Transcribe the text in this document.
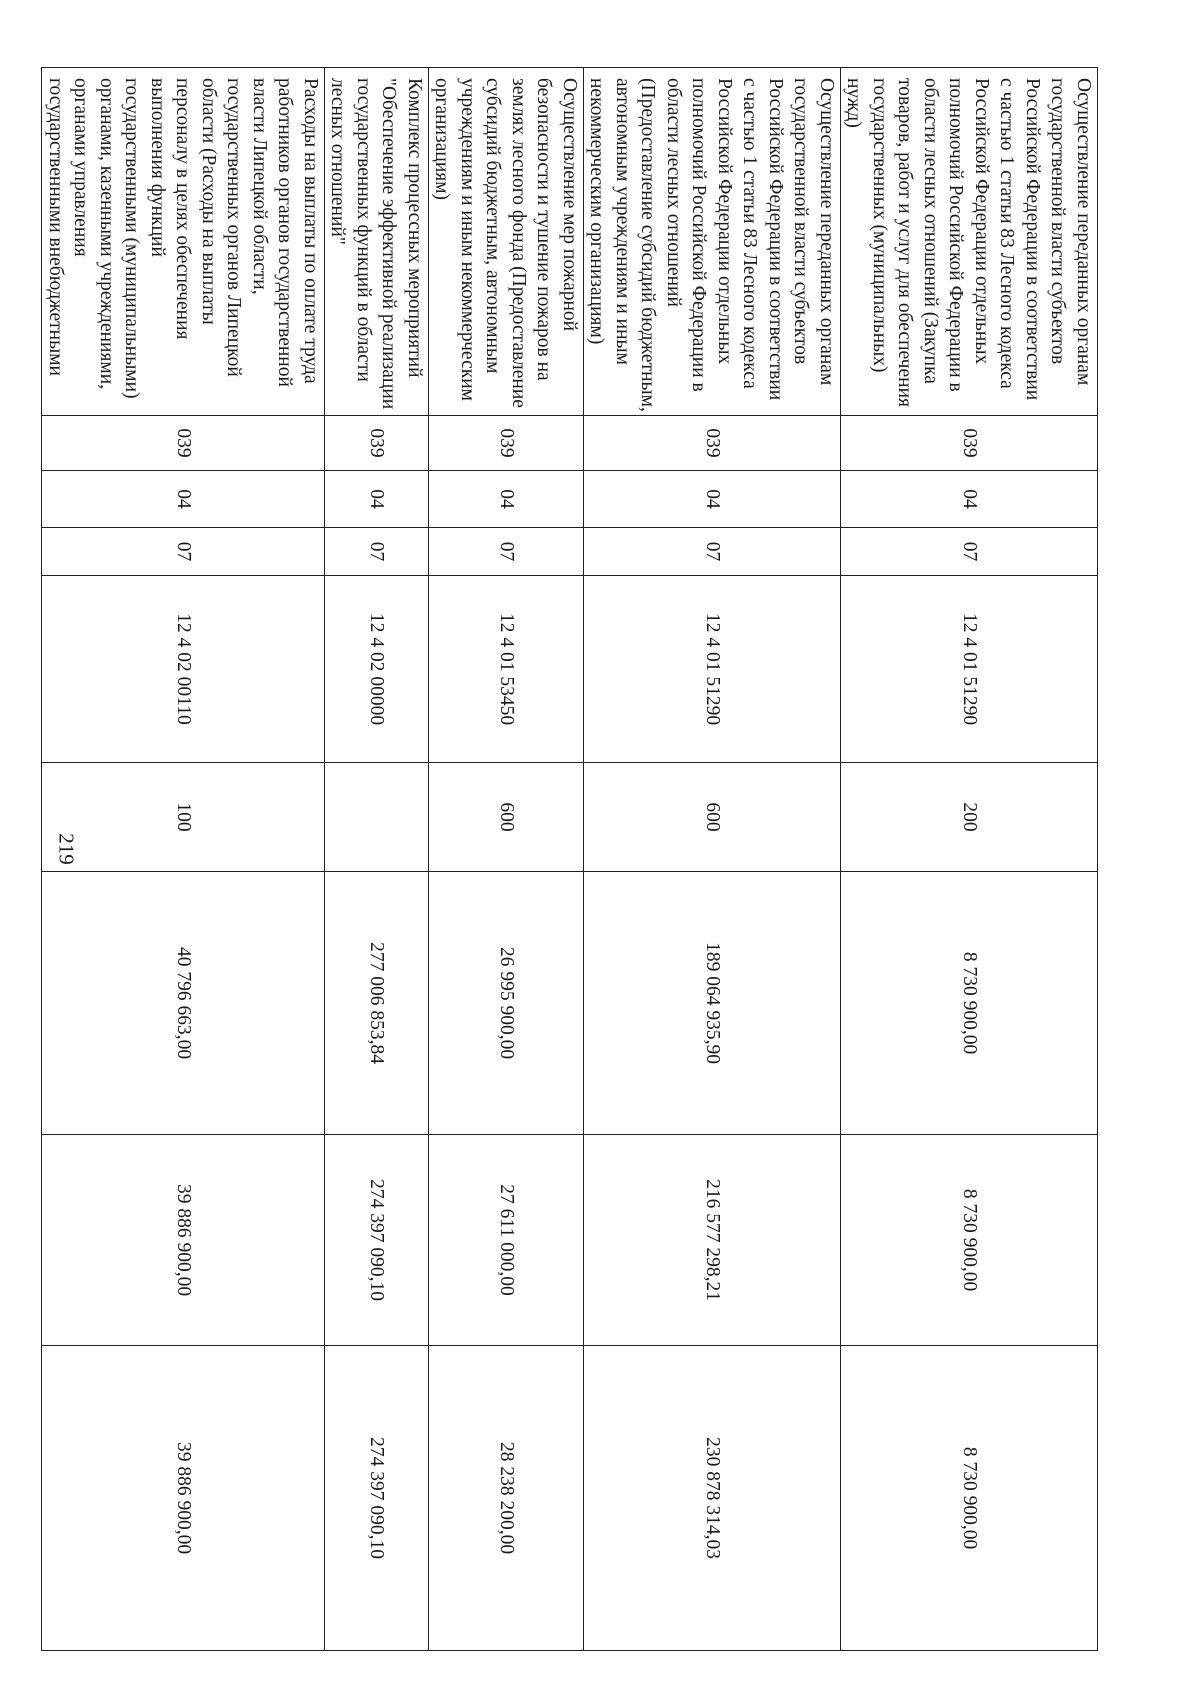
219
Осуществление переданных органам государственной власти субъектов Российской Федерации в соответствии с частью 1 статьи 83 Лесного кодекса Российской Федерации отдельных полномочий Российской Федерации в области лесных отношений (Закупка товаров, работ и услуг для обеспечения государственных (муниципальных) нужд)	039	04	07	12 4 01 51290	200	8 730 900,00	8 730 900,00	8 730 900,00
Осуществление переданных органам государственной власти субъектов Российской Федерации в соответствии с частью 1 статьи 83 Лесного кодекса Российской Федерации отдельных полномочий Российской Федерации в области лесных отношений (Предоставление субсидий бюджетным, автономным учреждениям и иным некоммерческим организациям)	039	04	07	12 4 01 51290	600	189 064 935,90	216 577 298,21	230 878 314,03
Осуществление мер пожарной безопасности и тушение пожаров на землях лесного фонда (Предоставление субсидий бюджетным, автономным учреждениям и иным некоммерческим организациям)	039	04	07	12 4 01 53450	600	26 995 900,00	27 611 000,00	28 238 200,00
Комплекс процессных мероприятий "Обеспечение эффективной реализации государственных функций в области лесных отношений"	039	04	07	12 4 02 00000		277 006 853,84	274 397 090,10	274 397 090,10
Расходы на выплаты по оплате труда работников органов государственной власти Липецкой области, государственных органов Липецкой области (Расходы на выплаты персоналу в целях обеспечения выполнения функций государственными (муниципальными) органами, казенными учреждениями, органами управления государственными внебюджетными	039	04	07	12 4 02 00110	100	40 796 663,00	39 886 900,00	39 886 900,00
